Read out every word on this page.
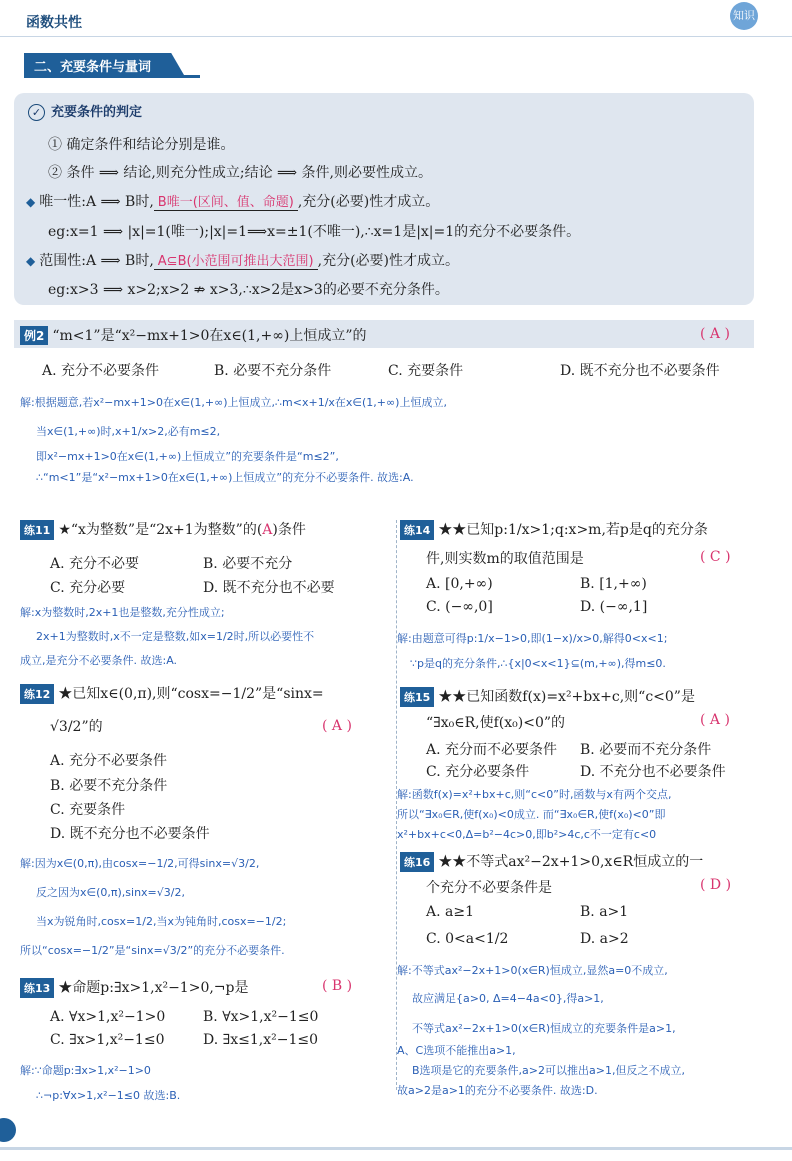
函数共性	知识
二、充要条件与量词
✓ 充要条件的判定
① 确定条件和结论分别是谁。
② 条件 ⟹ 结论,则充分性成立;结论 ⟹ 条件,则必要性成立。
◆ 唯一性:A ⟹ B时, B唯一(区间、值、命题) ,充分(必要)性才成立。
eg:x=1 ⟹ |x|=1(唯一);|x|=1⟹x=±1(不唯一),∴x=1是|x|=1的充分不必要条件。
◆ 范围性:A ⟹ B时, A⊆B(小范围可推出大范围) ,充分(必要)性才成立。
eg:x>3 ⟹ x>2;x>2 ⇏ x>3,∴x>2是x>3的必要不充分条件。
例2 “m<1”是“x²−mx+1>0在x∈(1,+∞)上恒成立”的	( A )
A. 充分不必要条件	B. 必要不充分条件	C. 充要条件	D. 既不充分也不必要条件
解:根据题意,若x²−mx+1>0在x∈(1,+∞)上恒成立,∴m<x+1/x在x∈(1,+∞)上恒成立,
当x∈(1,+∞)时,x+1/x>2,必有m≤2,
即x²−mx+1>0在x∈(1,+∞)上恒成立”的充要条件是“m≤2”,
∴“m<1”是“x²−mx+1>0在x∈(1,+∞)上恒成立”的充分不必要条件. 故选:A.
练11 ★“x为整数”是“2x+1为整数”的(A)条件
A. 充分不必要	B. 必要不充分
C. 充分必要	D. 既不充分也不必要
解:x为整数时,2x+1也是整数,充分性成立;
2x+1为整数时,x不一定是整数,如x=1/2时,所以必要性不
成立,是充分不必要条件. 故选:A.
练12 ★已知x∈(0,π),则“cosx=−1/2”是“sinx=
√3/2”的	( A )
A. 充分不必要条件
B. 必要不充分条件
C. 充要条件
D. 既不充分也不必要条件
解:因为x∈(0,π),由cosx=−1/2,可得sinx=√3/2,
反之因为x∈(0,π),sinx=√3/2,
当x为锐角时,cosx=1/2,当x为钝角时,cosx=−1/2;
所以“cosx=−1/2”是“sinx=√3/2”的充分不必要条件.
练13 ★命题p:∃x>1,x²−1>0,¬p是	( B )
A. ∀x>1,x²−1>0	B. ∀x>1,x²−1≤0
C. ∃x>1,x²−1≤0	D. ∃x≤1,x²−1≤0
解:∵命题p:∃x>1,x²−1>0
∴¬p:∀x>1,x²−1≤0 故选:B.
练14 ★★已知p:1/x>1;q:x>m,若p是q的充分条
件,则实数m的取值范围是	( C )
A. [0,+∞)	B. [1,+∞)
C. (−∞,0]	D. (−∞,1]
解:由题意可得p:1/x−1>0,即(1−x)/x>0,解得0<x<1;
∵p是q的充分条件,∴{x|0<x<1}⊆(m,+∞),得m≤0.
练15 ★★已知函数f(x)=x²+bx+c,则“c<0”是
“∃x₀∈R,使f(x₀)<0”的	( A )
A. 充分而不必要条件 B. 必要而不充分条件
C. 充分必要条件	D. 不充分也不必要条件
解:函数f(x)=x²+bx+c,则“c<0”时,函数与x有两个交点,
所以“∃x₀∈R,使f(x₀)<0成立. 而“∃x₀∈R,使f(x₀)<0”即
x²+bx+c<0,Δ=b²−4c>0,即b²>4c,c不一定有c<0
练16 ★★不等式ax²−2x+1>0,x∈R恒成立的一
个充分不必要条件是	( D )
A. a≥1	B. a>1
C. 0<a<1/2	D. a>2
解:不等式ax²−2x+1>0(x∈R)恒成立,显然a=0不成立,
故应满足{a>0, Δ=4−4a<0},得a>1,
不等式ax²−2x+1>0(x∈R)恒成立的充要条件是a>1,
A、C选项不能推出a>1,
B选项是它的充要条件,a>2可以推出a>1,但反之不成立,
故a>2是a>1的充分不必要条件. 故选:D.
